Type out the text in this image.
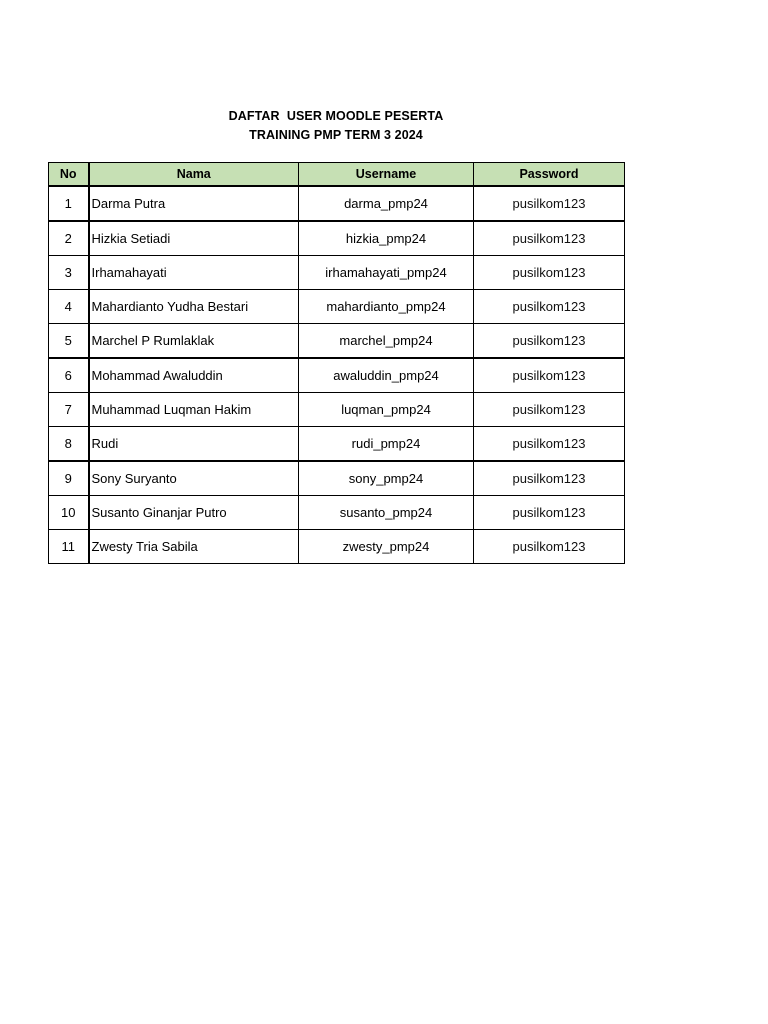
DAFTAR  USER MOODLE PESERTA
TRAINING PMP TERM 3 2024
No	Nama	Username	Password
1	Darma Putra	darma_pmp24	pusilkom123
2	Hizkia Setiadi	hizkia_pmp24	pusilkom123
3	Irhamahayati	irhamahayati_pmp24	pusilkom123
4	Mahardianto Yudha Bestari	mahardianto_pmp24	pusilkom123
5	Marchel P Rumlaklak	marchel_pmp24	pusilkom123
6	Mohammad Awaluddin	awaluddin_pmp24	pusilkom123
7	Muhammad Luqman Hakim	luqman_pmp24	pusilkom123
8	Rudi	rudi_pmp24	pusilkom123
9	Sony Suryanto	sony_pmp24	pusilkom123
10	Susanto Ginanjar Putro	susanto_pmp24	pusilkom123
11	Zwesty Tria Sabila	zwesty_pmp24	pusilkom123
